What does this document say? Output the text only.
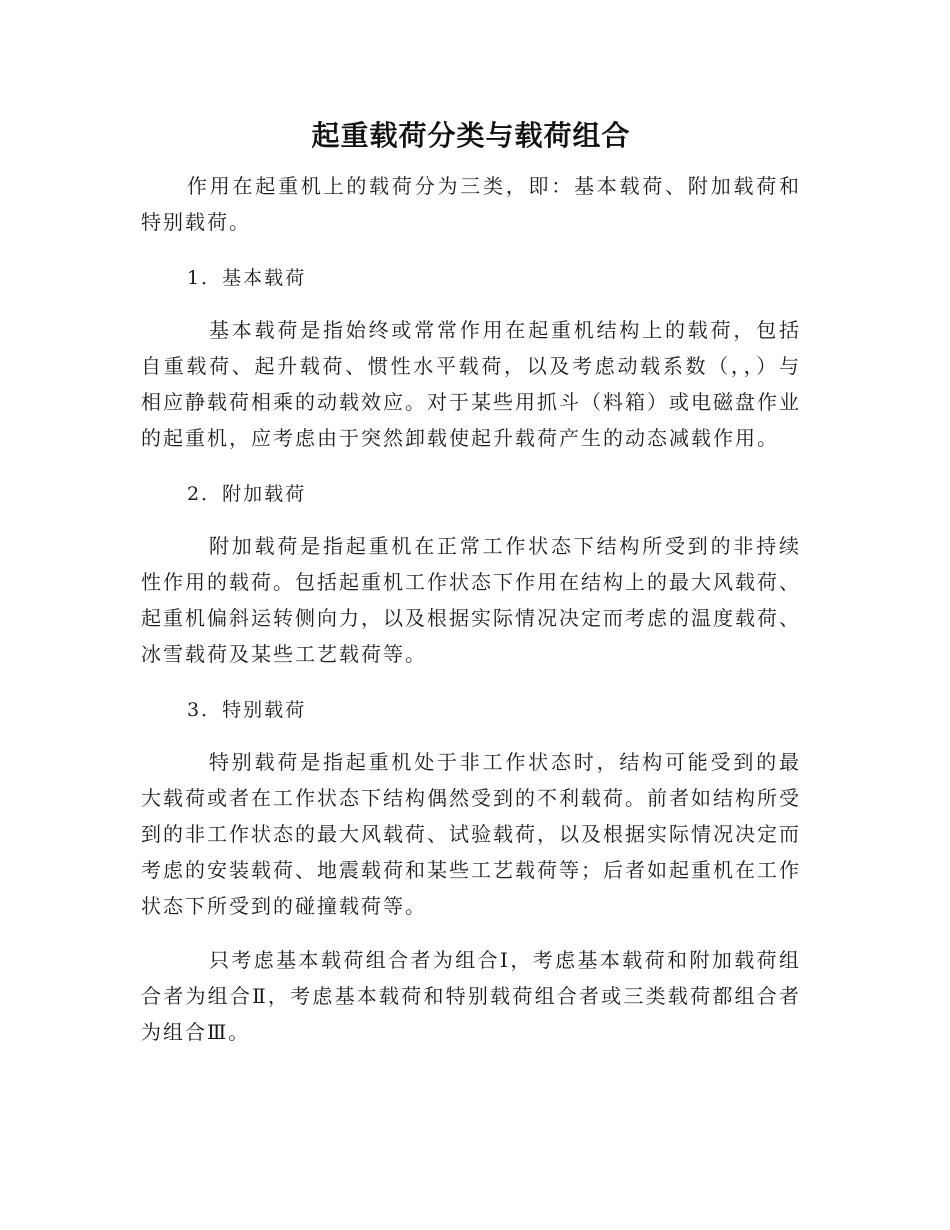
起重载荷分类与载荷组合

作用在起重机上的载荷分为三类，即：基本载荷、附加载荷和特别载荷。

1．基本载荷

基本载荷是指始终或常常作用在起重机结构上的载荷，包括自重载荷、起升载荷、惯性水平载荷，以及考虑动载系数（，，）与相应静载荷相乘的动载效应。对于某些用抓斗（料箱）或电磁盘作业的起重机，应考虑由于突然卸载使起升载荷产生的动态减载作用。

2．附加载荷

附加载荷是指起重机在正常工作状态下结构所受到的非持续性作用的载荷。包括起重机工作状态下作用在结构上的最大风载荷、起重机偏斜运转侧向力，以及根据实际情况决定而考虑的温度载荷、冰雪载荷及某些工艺载荷等。

3．特别载荷

特别载荷是指起重机处于非工作状态时，结构可能受到的最大载荷或者在工作状态下结构偶然受到的不利载荷。前者如结构所受到的非工作状态的最大风载荷、试验载荷，以及根据实际情况决定而考虑的安装载荷、地震载荷和某些工艺载荷等；后者如起重机在工作状态下所受到的碰撞载荷等。

只考虑基本载荷组合者为组合Ⅰ，考虑基本载荷和附加载荷组合者为组合Ⅱ，考虑基本载荷和特别载荷组合者或三类载荷都组合者为组合Ⅲ。
